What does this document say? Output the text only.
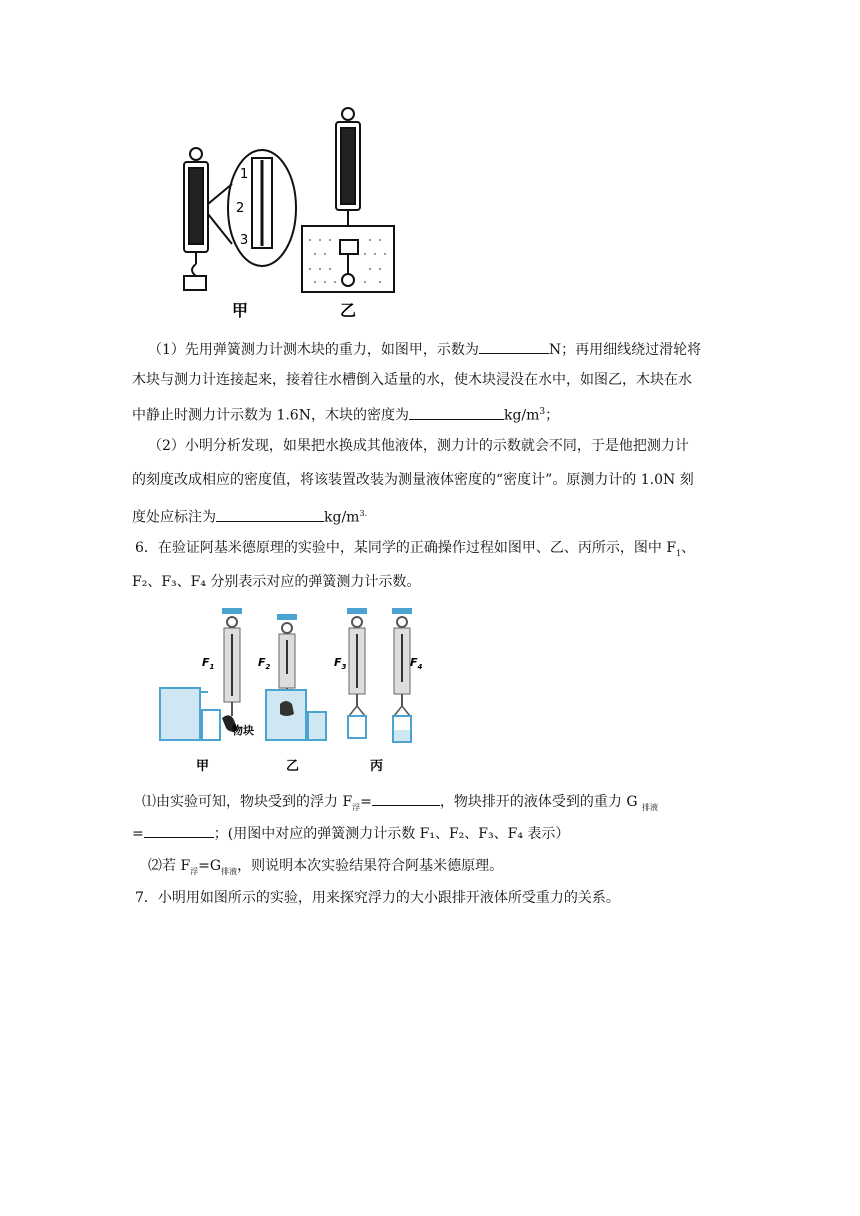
1
2
3
甲	乙
（1）先用弹簧测力计测木块的重力，如图甲，示数为	N；再用细线绕过滑轮将
木块与测力计连接起来，接着往水槽倒入适量的水，使木块浸没在水中，如图乙，木块在水
中静止时测力计示数为 1.6N，木块的密度为	$kg/m^3$；
（2）小明分析发现，如果把水换成其他液体，测力计的示数就会不同，于是他把测力计
的刻度改成相应的密度值，将该装置改装为测量液体密度的“密度计”。原测力计的 1.0N 刻
度处应标注为	$kg/m^{3.}$
6．在验证阿基米德原理的实验中，某同学的正确操作过程如图甲、乙、丙所示，图中 $F_1$、
F₂、F₃、F₄ 分别表示对应的弹簧测力计示数。
$F_1$	$F_2$	$F_3$	$F_4$
物块
甲	乙	丙
⑴由实验可知，物块受到的浮力 $F_浮=$	，物块排开的液体受到的重力 G $_{排液}$
=	；(用图中对应的弹簧测力计示数 F₁、F₂、F₃、F₄ 表示）
⑵若 $F_浮=G_{排液}$，则说明本次实验结果符合阿基米德原理。
7．小明用如图所示的实验，用来探究浮力的大小跟排开液体所受重力的关系。
